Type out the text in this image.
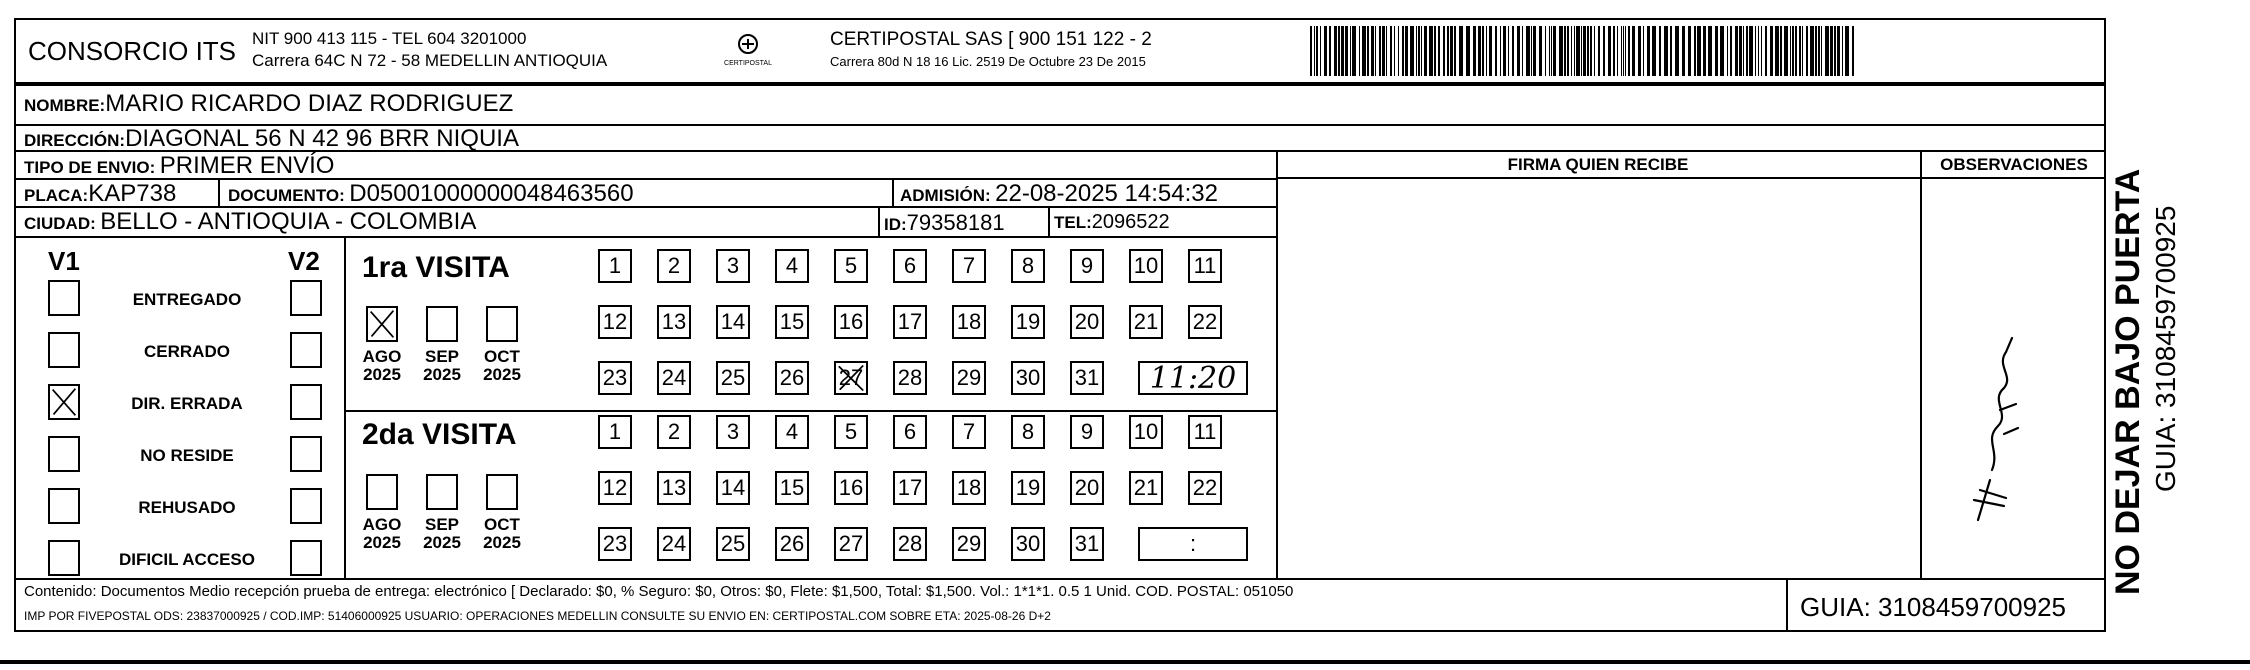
CONSORCIO ITS NIT 900 413 115 - TEL 604 3201000
Carrera 64C N 72 - 58 MEDELLIN ANTIOQUIA	CERTIPOSTAL
CERTIPOSTAL SAS [ 900 151 122 - 2
Carrera 80d N 18 16 Lic. 2519 De Octubre 23 De 2015
NOMBRE:MARIO RICARDO DIAZ RODRIGUEZ
DIRECCIÓN:DIAGONAL 56 N 42 96 BRR NIQUIA
TIPO DE ENVIO: PRIMER ENVÍO
PLACA:KAP738	DOCUMENTO: D05001000000048463560	ADMISIÓN: 22-08-2025 14:54:32
CIUDAD: BELLO - ANTIOQUIA - COLOMBIA	ID:79358181	TEL:2096522
FIRMA QUIEN RECIBE	OBSERVACIONES
V1	V2
ENTREGADO
CERRADO
DIR. ERRADA
NO RESIDE
REHUSADO
DIFICIL ACCESO
1ra VISITA
2da VISITA
AGO
2025
SEP
2025
OCT
2025
AGO
2025
SEP
2025
OCT
2025
1	2	3	4	5	6	7	8	9	10 11
12 13 14 15 16 17 18 19 20 21 22
23 24 25 26 27 28 29 30 31
1	2	3	4	5	6	7	8	9	10 11
12 13 14 15 16 17 18 19 20 21 22
23 24 25 26 27 28 29 30 31
11:20
:
Contenido: Documentos Medio recepción prueba de entrega: electrónico [ Declarado: $0, % Seguro: $0, Otros: $0, Flete: $1,500, Total: $1,500. Vol.: 1*1*1. 0.5 1 Unid. COD. POSTAL: 051050
IMP POR FIVEPOSTAL ODS: 23837000925 / COD.IMP: 51406000925 USUARIO: OPERACIONES MEDELLIN CONSULTE SU ENVIO EN: CERTIPOSTAL.COM SOBRE ETA: 2025-08-26 D+2	GUIA: 3108459700925
NO DEJAR BAJO PUERTA GUIA: 3108459700925
